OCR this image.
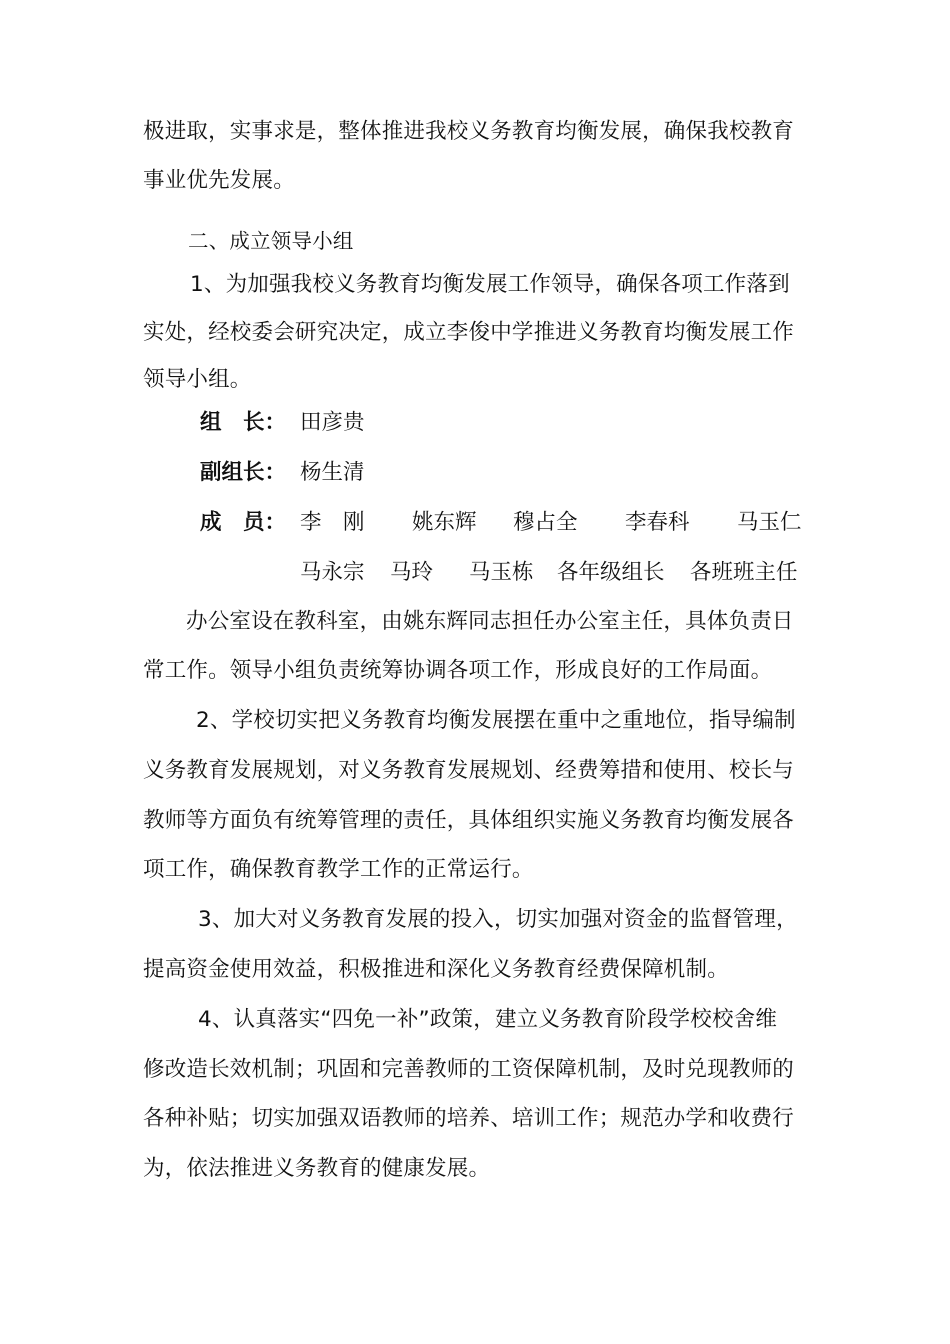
极进取，实事求是，整体推进我校义务教育均衡发展，确保我校教育
事业优先发展。
二、成立领导小组
1、为加强我校义务教育均衡发展工作领导，确保各项工作落到
实处，经校委会研究决定，成立李俊中学推进义务教育均衡发展工作
领导小组。
组　长： 田彦贵
副组长： 杨生清
成　员： 李　刚 姚东辉 穆占全 李春科 马玉仁
马永宗 马玲 马玉栋 各年级组长 各班班主任
办公室设在教科室，由姚东辉同志担任办公室主任，具体负责日
常工作。领导小组负责统筹协调各项工作，形成良好的工作局面。
2、学校切实把义务教育均衡发展摆在重中之重地位，指导编制
义务教育发展规划，对义务教育发展规划、经费筹措和使用、校长与
教师等方面负有统筹管理的责任，具体组织实施义务教育均衡发展各
项工作，确保教育教学工作的正常运行。
3、加大对义务教育发展的投入，切实加强对资金的监督管理，
提高资金使用效益，积极推进和深化义务教育经费保障机制。
4、认真落实“四免一补”政策，建立义务教育阶段学校校舍维
修改造长效机制；巩固和完善教师的工资保障机制，及时兑现教师的
各种补贴；切实加强双语教师的培养、培训工作；规范办学和收费行
为，依法推进义务教育的健康发展。
